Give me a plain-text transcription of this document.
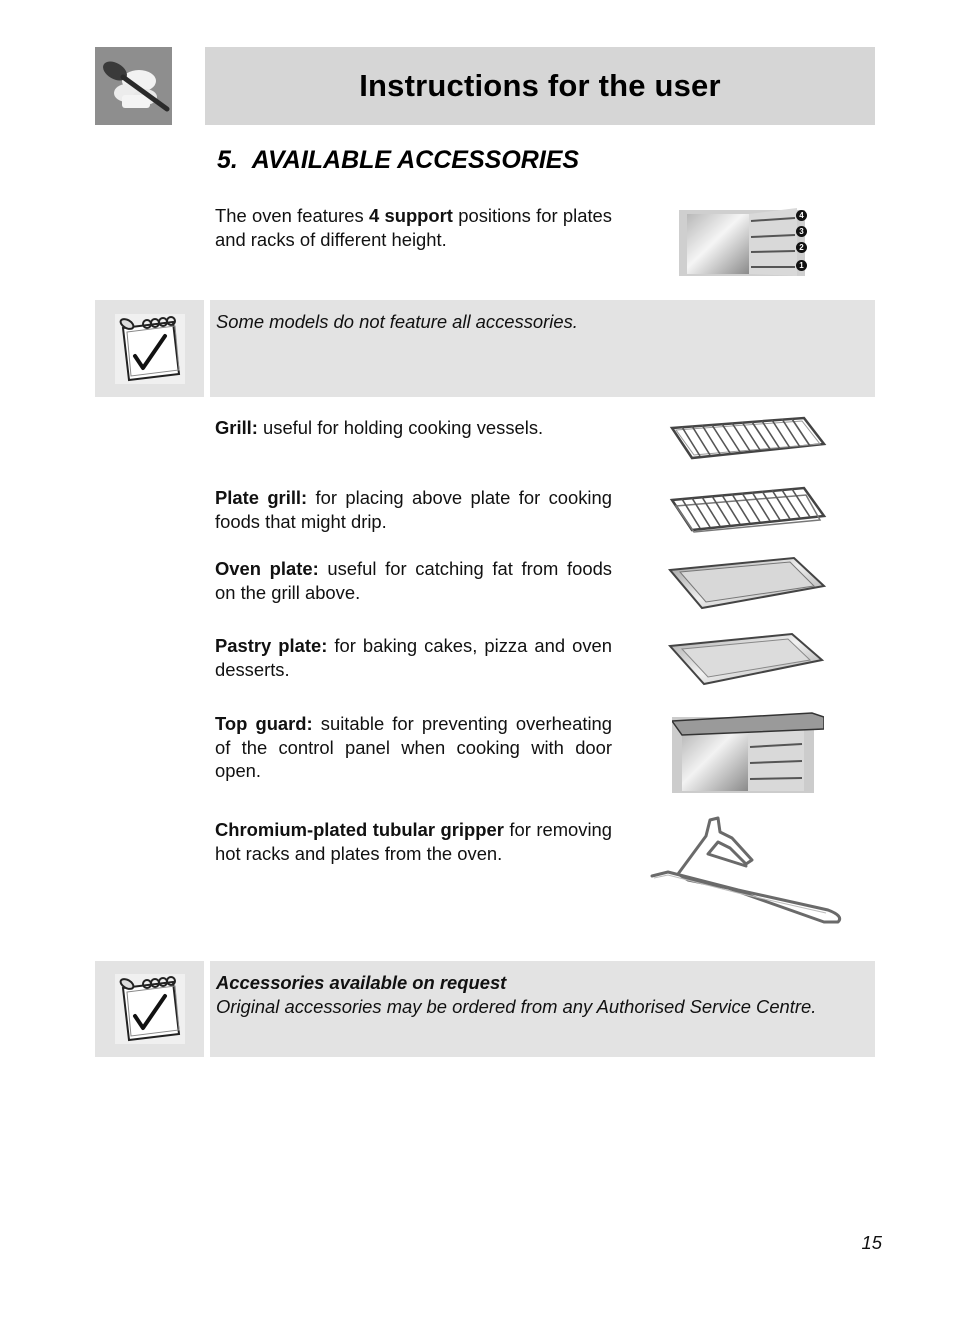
Instructions for the user
5. AVAILABLE ACCESSORIES
The oven features 4 support positions for plates and racks of different height.
4
3
2
1
Some models do not feature all accessories.
Grill: useful for holding cooking vessels.
Plate grill: for placing above plate for cooking foods that might drip.
Oven plate: useful for catching fat from foods on the grill above.
Pastry plate: for baking cakes, pizza and oven desserts.
Top guard: suitable for preventing overheating of the control panel when cooking with door open.
Chromium-plated tubular gripper for removing hot racks and plates from the oven.
Accessories available on request
Original accessories may be ordered from any Authorised Service Centre.
15
